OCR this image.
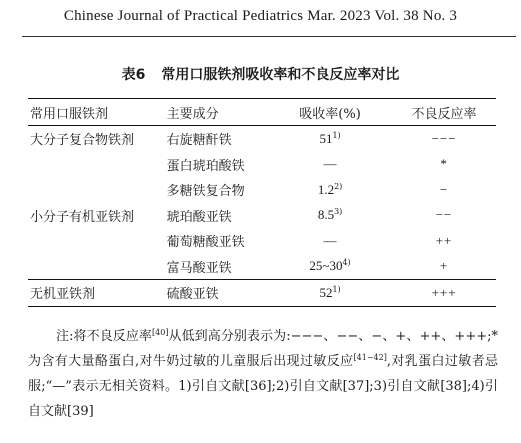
Chinese Journal of Practical Pediatrics Mar. 2023 Vol. 38 No. 3
表6 常用口服铁剂吸收率和不良反应率对比
常用口服铁剂	主要成分	吸收率(%)	不良反应率
大分子复合物铁剂	右旋糖酐铁	51$^{1)}$	−−−
	蛋白琥珀酸铁	—	*
	多糖铁复合物	1.2$^{2)}$	−
小分子有机亚铁剂	琥珀酸亚铁	8.5$^{3)}$	−−
	葡萄糖酸亚铁	—	++
	富马酸亚铁	25~30$^{4)}$	+
无机亚铁剂	硫酸亚铁	52$^{1)}$	+++
注:将不良反应率[40]从低到高分别表示为:−−−、−−、−、+、++、+++;*为含有大量酪蛋白,对牛奶过敏的儿童服后出现过敏反应[41−42],对乳蛋白过敏者忌服;“—”表示无相关资料。1)引自文献[36];2)引自文献[37];3)引自文献[38];4)引自文献[39]
